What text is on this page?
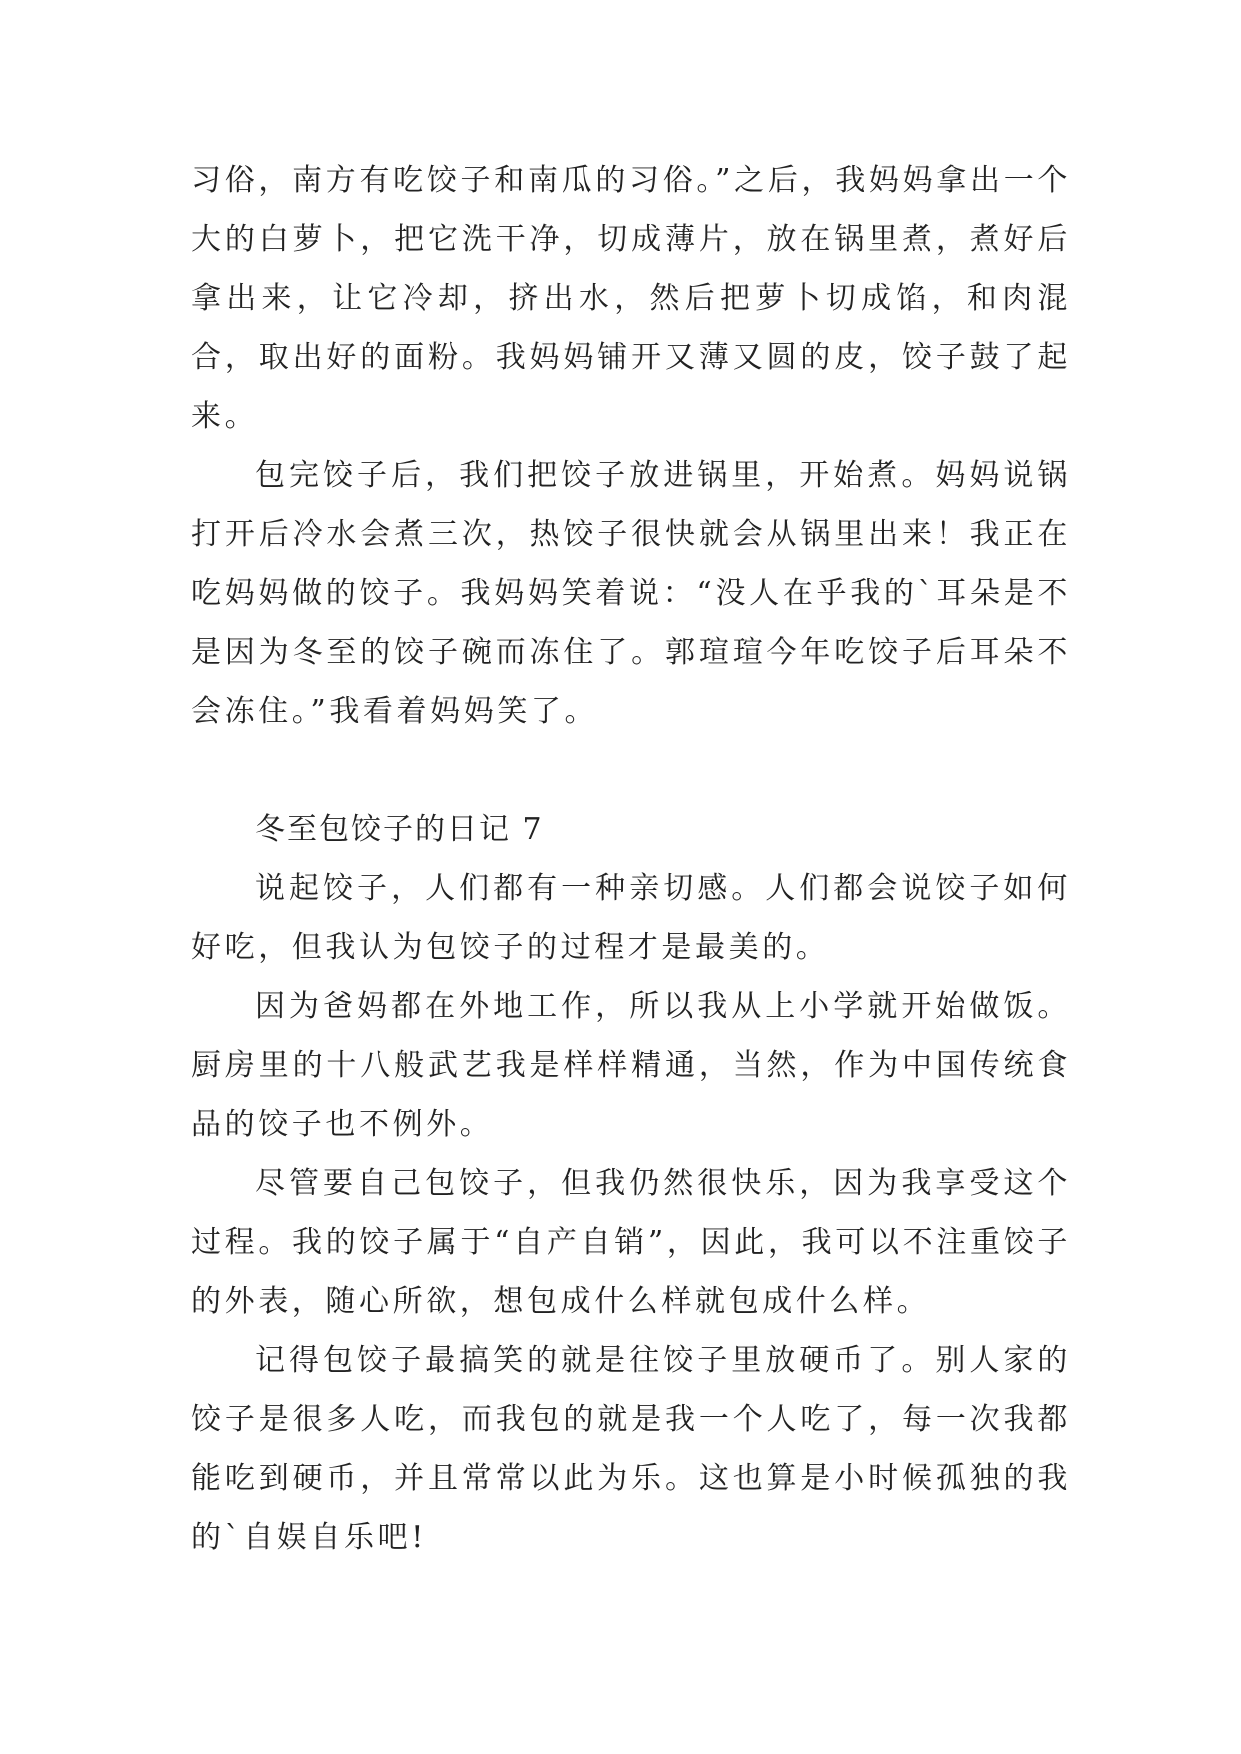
习俗，南方有吃饺子和南瓜的习俗。”之后，我妈妈拿出一个大的白萝卜，把它洗干净，切成薄片，放在锅里煮，煮好后拿出来，让它冷却，挤出水，然后把萝卜切成馅，和肉混合，取出好的面粉。我妈妈铺开又薄又圆的皮，饺子鼓了起来。

包完饺子后，我们把饺子放进锅里，开始煮。妈妈说锅打开后冷水会煮三次，热饺子很快就会从锅里出来！我正在吃妈妈做的饺子。我妈妈笑着说：“没人在乎我的`耳朵是不是因为冬至的饺子碗而冻住了。郭瑄瑄今年吃饺子后耳朵不会冻住。”我看着妈妈笑了。

冬至包饺子的日记 7

说起饺子，人们都有一种亲切感。人们都会说饺子如何好吃，但我认为包饺子的过程才是最美的。

因为爸妈都在外地工作，所以我从上小学就开始做饭。厨房里的十八般武艺我是样样精通，当然，作为中国传统食品的饺子也不例外。

尽管要自己包饺子，但我仍然很快乐，因为我享受这个过程。我的饺子属于“自产自销”，因此，我可以不注重饺子的外表，随心所欲，想包成什么样就包成什么样。

记得包饺子最搞笑的就是往饺子里放硬币了。别人家的饺子是很多人吃，而我包的就是我一个人吃了，每一次我都能吃到硬币，并且常常以此为乐。这也算是小时候孤独的我的`自娱自乐吧!
